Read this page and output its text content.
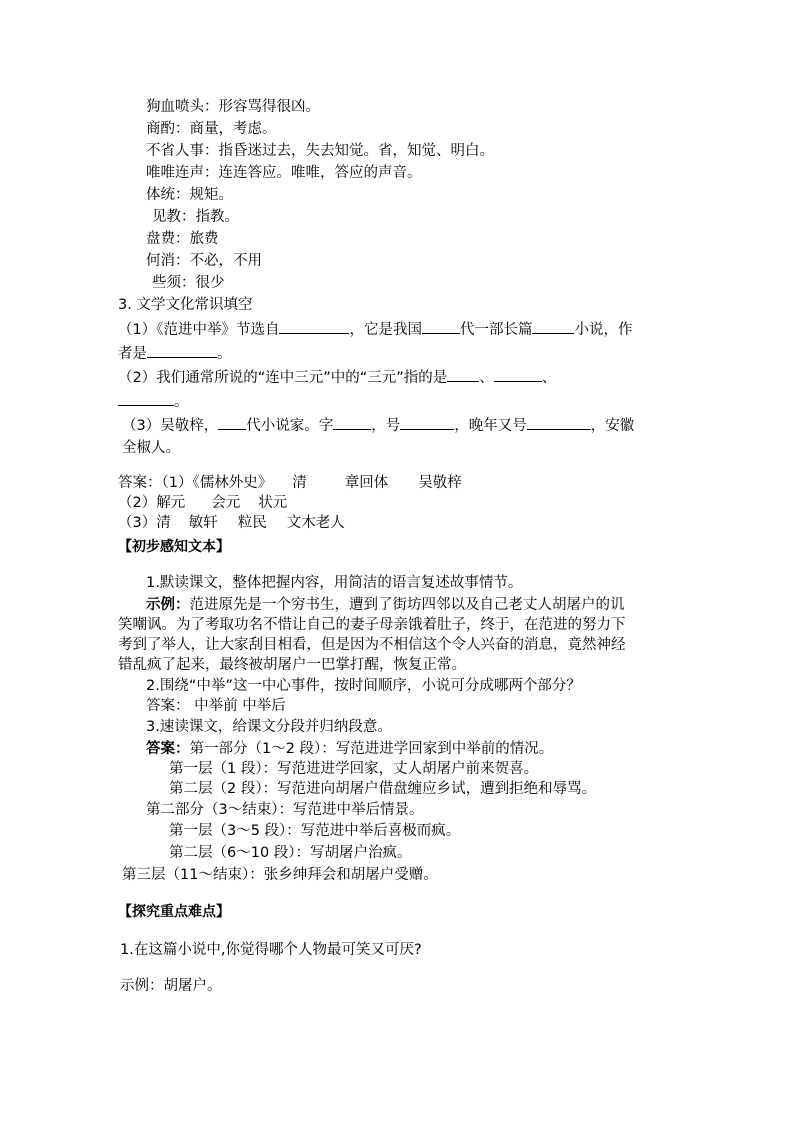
狗血喷头：形容骂得很凶。
商酌：商量，考虑。
不省人事：指昏迷过去，失去知觉。省，知觉、明白。
唯唯连声：连连答应。唯唯，答应的声音。
体统：规矩。
见教：指教。
盘费：旅费
何消：不必，不用
些须：很少
3. 文学文化常识填空
（1）《范进中举》节选自	，它是我国	代一部长篇	小说，作
者是	。
（2）我们通常所说的“连中三元”中的“三元”指的是 、	、
。
（3）吴敬梓， 代小说家。字	，号	，晚年又号	，安徽
全椒人。
答案：（1）《儒林外史》 清	章回体 吴敬梓
（2）解元 会元 状元
（3）清 敏轩 粒民 文木老人
【初步感知文本】
1.默读课文，整体把握内容，用简洁的语言复述故事情节。
示例：范进原先是一个穷书生，遭到了街坊四邻以及自己老丈人胡屠户的讥
笑嘲讽。为了考取功名不惜让自己的妻子母亲饿着肚子，终于，在范进的努力下
考到了举人，让大家刮目相看，但是因为不相信这个令人兴奋的消息，竟然神经
错乱疯了起来，最终被胡屠户一巴掌打醒，恢复正常。
2.围绕“中举”这一中心事件，按时间顺序，小说可分成哪两个部分？
答案： 中举前 中举后
3.速读课文，给课文分段并归纳段意。
答案：第一部分（1～2 段）：写范进进学回家到中举前的情况。
第一层（1 段）：写范进进学回家，丈人胡屠户前来贺喜。
第二层（2 段）：写范进向胡屠户借盘缠应乡试，遭到拒绝和辱骂。
第二部分（3～结束）：写范进中举后情景。
第一层（3～5 段）：写范进中举后喜极而疯。
第二层（6～10 段）：写胡屠户治疯。
第三层（11～结束）：张乡绅拜会和胡屠户受赠。
【探究重点难点】
1.在这篇小说中,你觉得哪个人物最可笑又可厌?
示例：胡屠户。
